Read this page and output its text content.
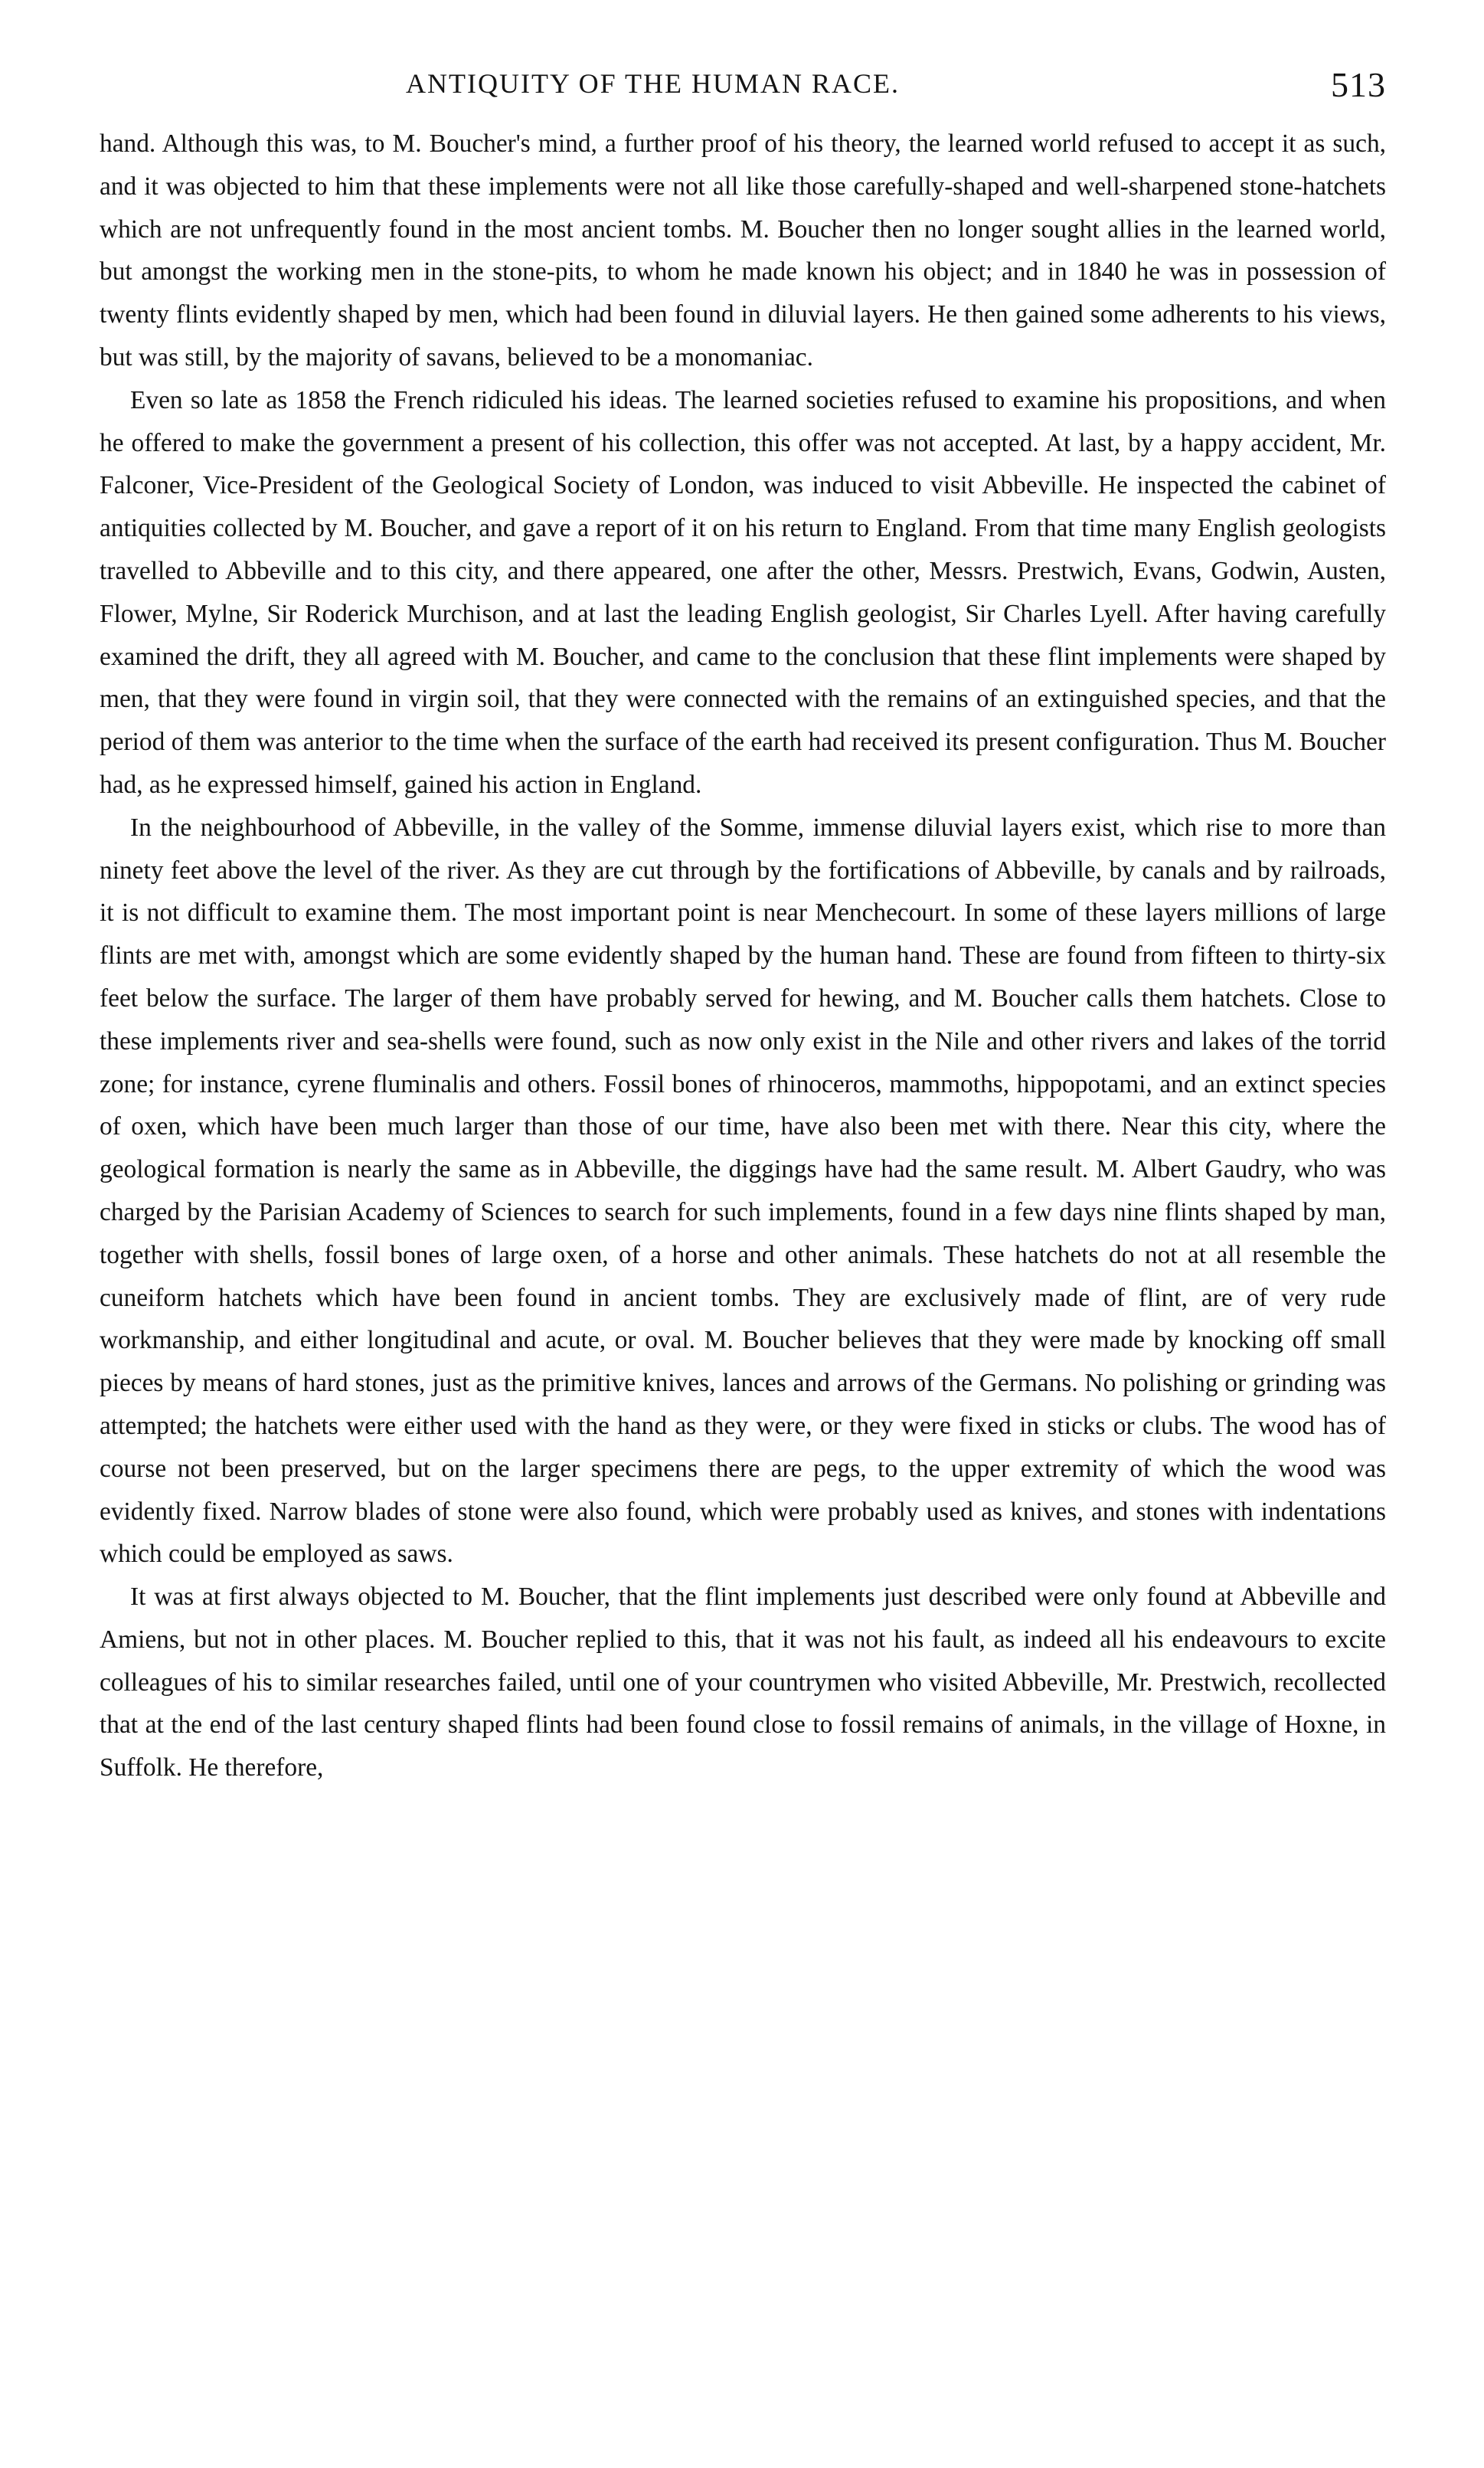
ANTIQUITY OF THE HUMAN RACE.	513

hand. Although this was, to M. Boucher's mind, a further proof of his theory, the learned world refused to accept it as such, and it was objected to him that these implements were not all like those carefully-shaped and well-sharpened stone-hatchets which are not unfrequently found in the most ancient tombs. M. Boucher then no longer sought allies in the learned world, but amongst the working men in the stone-pits, to whom he made known his object; and in 1840 he was in possession of twenty flints evidently shaped by men, which had been found in diluvial layers. He then gained some adherents to his views, but was still, by the majority of savans, believed to be a monomaniac.

Even so late as 1858 the French ridiculed his ideas. The learned societies refused to examine his propositions, and when he offered to make the government a present of his collection, this offer was not accepted. At last, by a happy accident, Mr. Falconer, Vice-President of the Geological Society of London, was induced to visit Abbeville. He inspected the cabinet of antiquities collected by M. Boucher, and gave a report of it on his return to England. From that time many English geologists travelled to Abbeville and to this city, and there appeared, one after the other, Messrs. Prestwich, Evans, Godwin, Austen, Flower, Mylne, Sir Roderick Murchison, and at last the leading English geologist, Sir Charles Lyell. After having carefully examined the drift, they all agreed with M. Boucher, and came to the conclusion that these flint implements were shaped by men, that they were found in virgin soil, that they were connected with the remains of an extinguished species, and that the period of them was anterior to the time when the surface of the earth had received its present configuration. Thus M. Boucher had, as he expressed himself, gained his action in England.

In the neighbourhood of Abbeville, in the valley of the Somme, immense diluvial layers exist, which rise to more than ninety feet above the level of the river. As they are cut through by the fortifications of Abbeville, by canals and by railroads, it is not difficult to examine them. The most important point is near Menchecourt. In some of these layers millions of large flints are met with, amongst which are some evidently shaped by the human hand. These are found from fifteen to thirty-six feet below the surface. The larger of them have probably served for hewing, and M. Boucher calls them hatchets. Close to these implements river and sea-shells were found, such as now only exist in the Nile and other rivers and lakes of the torrid zone; for instance, cyrene fluminalis and others. Fossil bones of rhinoceros, mammoths, hippopotami, and an extinct species of oxen, which have been much larger than those of our time, have also been met with there. Near this city, where the geological formation is nearly the same as in Abbeville, the diggings have had the same result. M. Albert Gaudry, who was charged by the Parisian Academy of Sciences to search for such implements, found in a few days nine flints shaped by man, together with shells, fossil bones of large oxen, of a horse and other animals. These hatchets do not at all resemble the cuneiform hatchets which have been found in ancient tombs. They are exclusively made of flint, are of very rude workmanship, and either longitudinal and acute, or oval. M. Boucher believes that they were made by knocking off small pieces by means of hard stones, just as the primitive knives, lances and arrows of the Germans. No polishing or grinding was attempted; the hatchets were either used with the hand as they were, or they were fixed in sticks or clubs. The wood has of course not been preserved, but on the larger specimens there are pegs, to the upper extremity of which the wood was evidently fixed. Narrow blades of stone were also found, which were probably used as knives, and stones with indentations which could be employed as saws.

It was at first always objected to M. Boucher, that the flint implements just described were only found at Abbeville and Amiens, but not in other places. M. Boucher replied to this, that it was not his fault, as indeed all his endeavours to excite colleagues of his to similar researches failed, until one of your countrymen who visited Abbeville, Mr. Prestwich, recollected that at the end of the last century shaped flints had been found close to fossil remains of animals, in the village of Hoxne, in Suffolk. He therefore,
